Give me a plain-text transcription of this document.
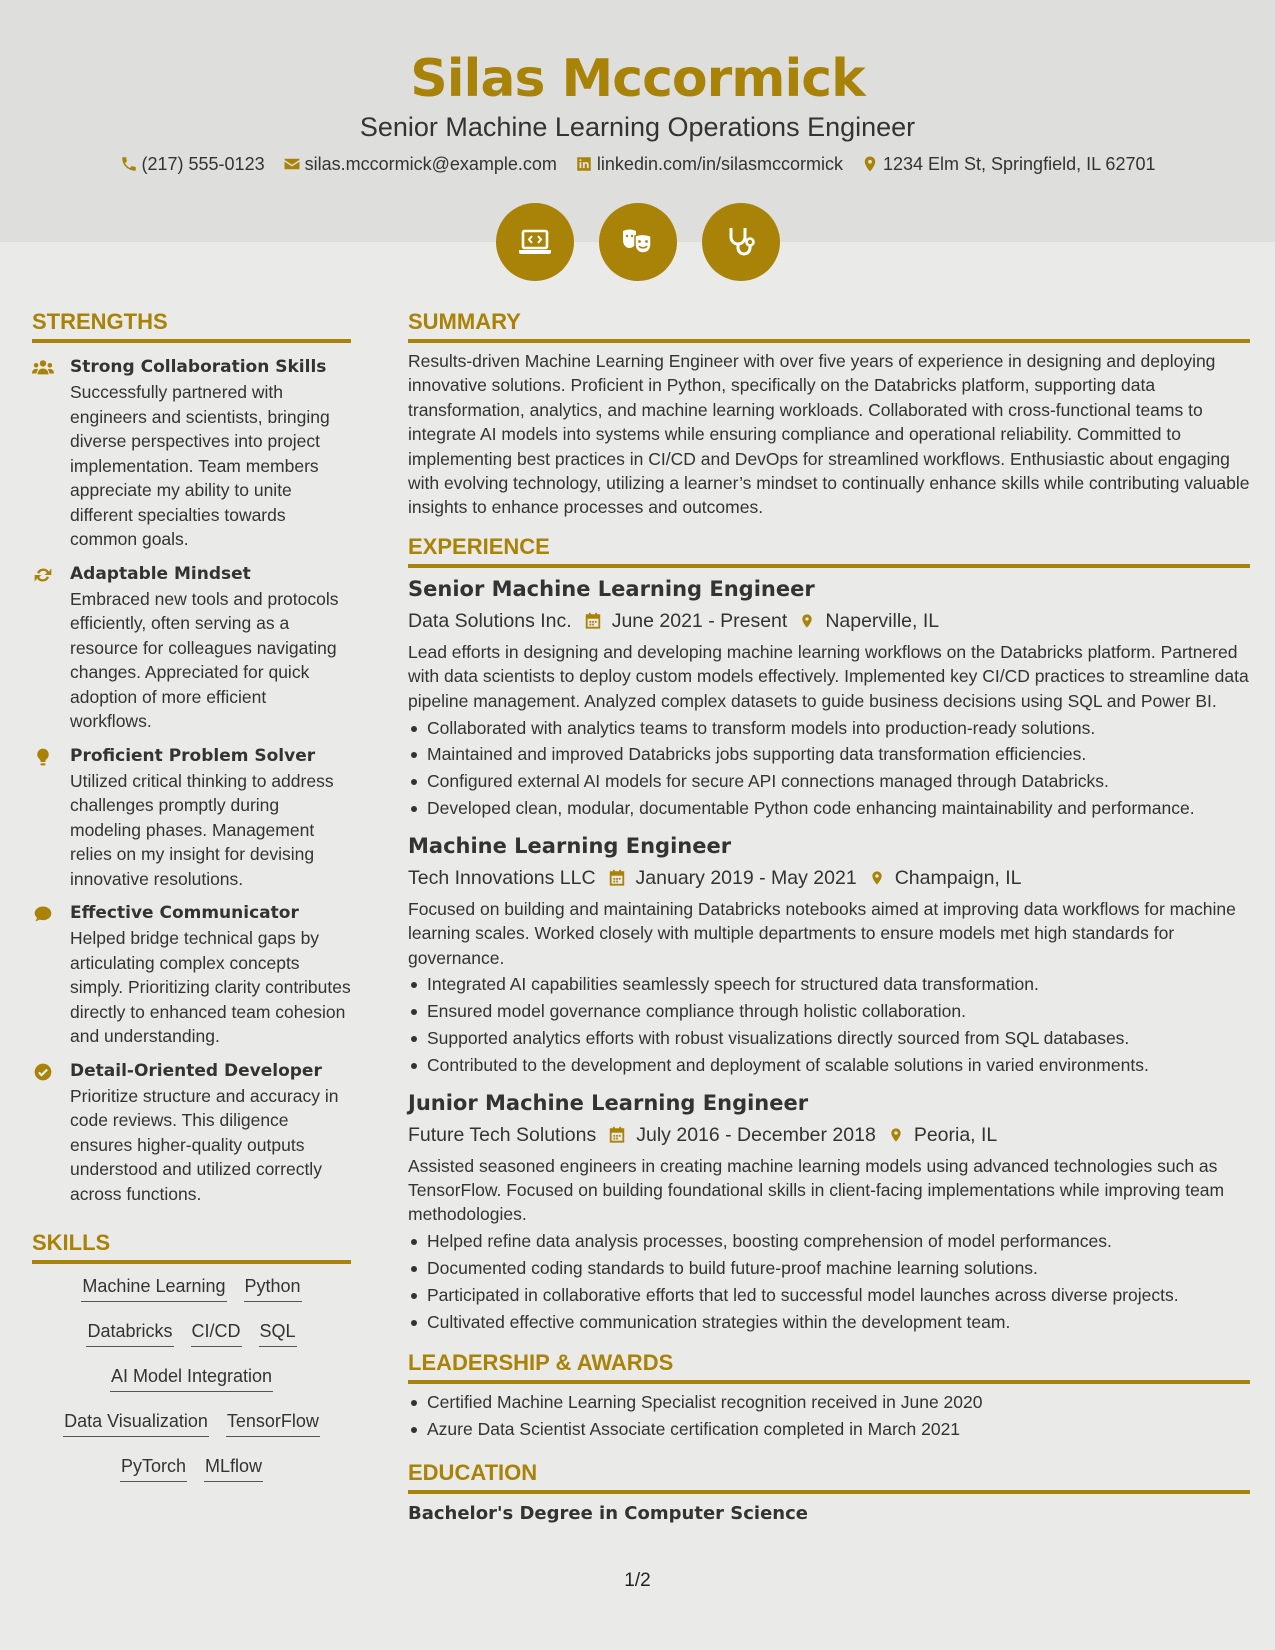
Silas Mccormick
Senior Machine Learning Operations Engineer
(217) 555-0123 silas.mccormick@example.com linkedin.com/in/silasmccormick 1234 Elm St, Springfield, IL 62701
STRENGTHS
Strong Collaboration Skills
Successfully partnered with engineers and scientists, bringing diverse perspectives into project implementation. Team members appreciate my ability to unite different specialties towards common goals.
Adaptable Mindset
Embraced new tools and protocols efficiently, often serving as a resource for colleagues navigating changes. Appreciated for quick adoption of more efficient workflows.
Proficient Problem Solver
Utilized critical thinking to address challenges promptly during modeling phases. Management relies on my insight for devising innovative resolutions.
Effective Communicator
Helped bridge technical gaps by articulating complex concepts simply. Prioritizing clarity contributes directly to enhanced team cohesion and understanding.
Detail-Oriented Developer
Prioritize structure and accuracy in code reviews. This diligence ensures higher-quality outputs understood and utilized correctly across functions.
SKILLS
Machine Learning Python
Databricks CI/CD SQL
AI Model Integration
Data Visualization TensorFlow
PyTorch MLflow
SUMMARY
Results-driven Machine Learning Engineer with over five years of experience in designing and deploying innovative solutions. Proficient in Python, specifically on the Databricks platform, supporting data transformation, analytics, and machine learning workloads. Collaborated with cross-functional teams to integrate AI models into systems while ensuring compliance and operational reliability. Committed to implementing best practices in CI/CD and DevOps for streamlined workflows. Enthusiastic about engaging with evolving technology, utilizing a learner’s mindset to continually enhance skills while contributing valuable insights to enhance processes and outcomes.
EXPERIENCE
Senior Machine Learning Engineer
Data Solutions Inc. June 2021 - Present Naperville, IL
Lead efforts in designing and developing machine learning workflows on the Databricks platform. Partnered with data scientists to deploy custom models effectively. Implemented key CI/CD practices to streamline data pipeline management. Analyzed complex datasets to guide business decisions using SQL and Power BI.
Collaborated with analytics teams to transform models into production-ready solutions.
Maintained and improved Databricks jobs supporting data transformation efficiencies.
Configured external AI models for secure API connections managed through Databricks.
Developed clean, modular, documentable Python code enhancing maintainability and performance.
Machine Learning Engineer
Tech Innovations LLC January 2019 - May 2021 Champaign, IL
Focused on building and maintaining Databricks notebooks aimed at improving data workflows for machine learning scales. Worked closely with multiple departments to ensure models met high standards for governance.
Integrated AI capabilities seamlessly speech for structured data transformation.
Ensured model governance compliance through holistic collaboration.
Supported analytics efforts with robust visualizations directly sourced from SQL databases.
Contributed to the development and deployment of scalable solutions in varied environments.
Junior Machine Learning Engineer
Future Tech Solutions July 2016 - December 2018 Peoria, IL
Assisted seasoned engineers in creating machine learning models using advanced technologies such as TensorFlow. Focused on building foundational skills in client-facing implementations while improving team methodologies.
Helped refine data analysis processes, boosting comprehension of model performances.
Documented coding standards to build future-proof machine learning solutions.
Participated in collaborative efforts that led to successful model launches across diverse projects.
Cultivated effective communication strategies within the development team.
LEADERSHIP & AWARDS
Certified Machine Learning Specialist recognition received in June 2020
Azure Data Scientist Associate certification completed in March 2021
EDUCATION
Bachelor's Degree in Computer Science
1/2
